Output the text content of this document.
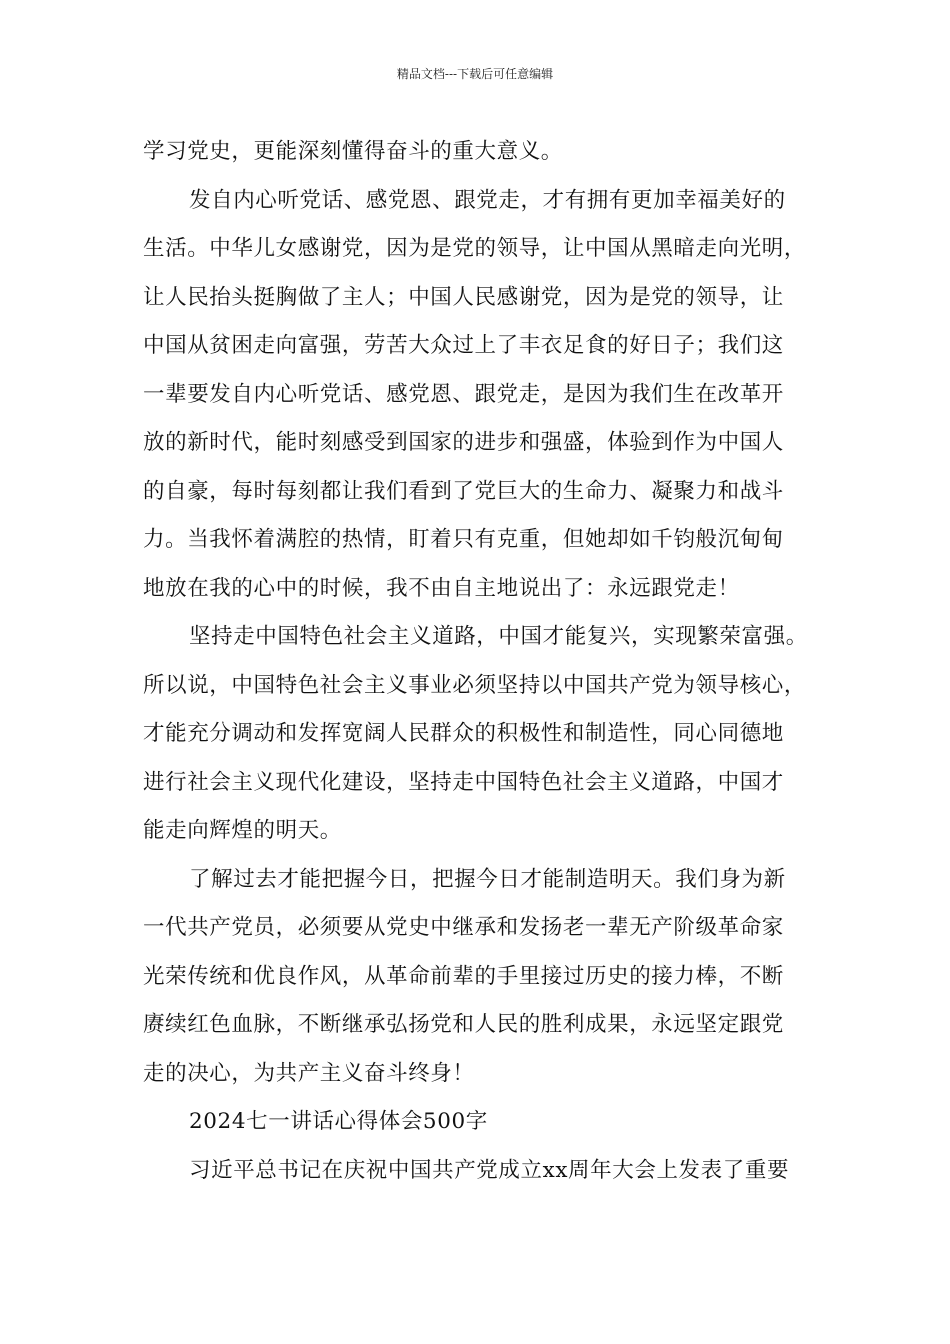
精品文档---下载后可任意编辑
学习党史，更能深刻懂得奋斗的重大意义。
发自内心听党话、感党恩、跟党走，才有拥有更加幸福美好的
生活。中华儿女感谢党，因为是党的领导，让中国从黑暗走向光明，
让人民抬头挺胸做了主人；中国人民感谢党，因为是党的领导，让
中国从贫困走向富强，劳苦大众过上了丰衣足食的好日子；我们这
一辈要发自内心听党话、感党恩、跟党走，是因为我们生在改革开
放的新时代，能时刻感受到国家的进步和强盛，体验到作为中国人
的自豪，每时每刻都让我们看到了党巨大的生命力、凝聚力和战斗
力。当我怀着满腔的热情，盯着只有克重，但她却如千钧般沉甸甸
地放在我的心中的时候，我不由自主地说出了：永远跟党走！
坚持走中国特色社会主义道路，中国才能复兴，实现繁荣富强。
所以说，中国特色社会主义事业必须坚持以中国共产党为领导核心，
才能充分调动和发挥宽阔人民群众的积极性和制造性，同心同德地
进行社会主义现代化建设，坚持走中国特色社会主义道路，中国才
能走向辉煌的明天。
了解过去才能把握今日，把握今日才能制造明天。我们身为新
一代共产党员，必须要从党史中继承和发扬老一辈无产阶级革命家
光荣传统和优良作风，从革命前辈的手里接过历史的接力棒，不断
赓续红色血脉，不断继承弘扬党和人民的胜利成果，永远坚定跟党
走的决心，为共产主义奋斗终身！
2024七一讲话心得体会500字
习近平总书记在庆祝中国共产党成立xx周年大会上发表了重要
